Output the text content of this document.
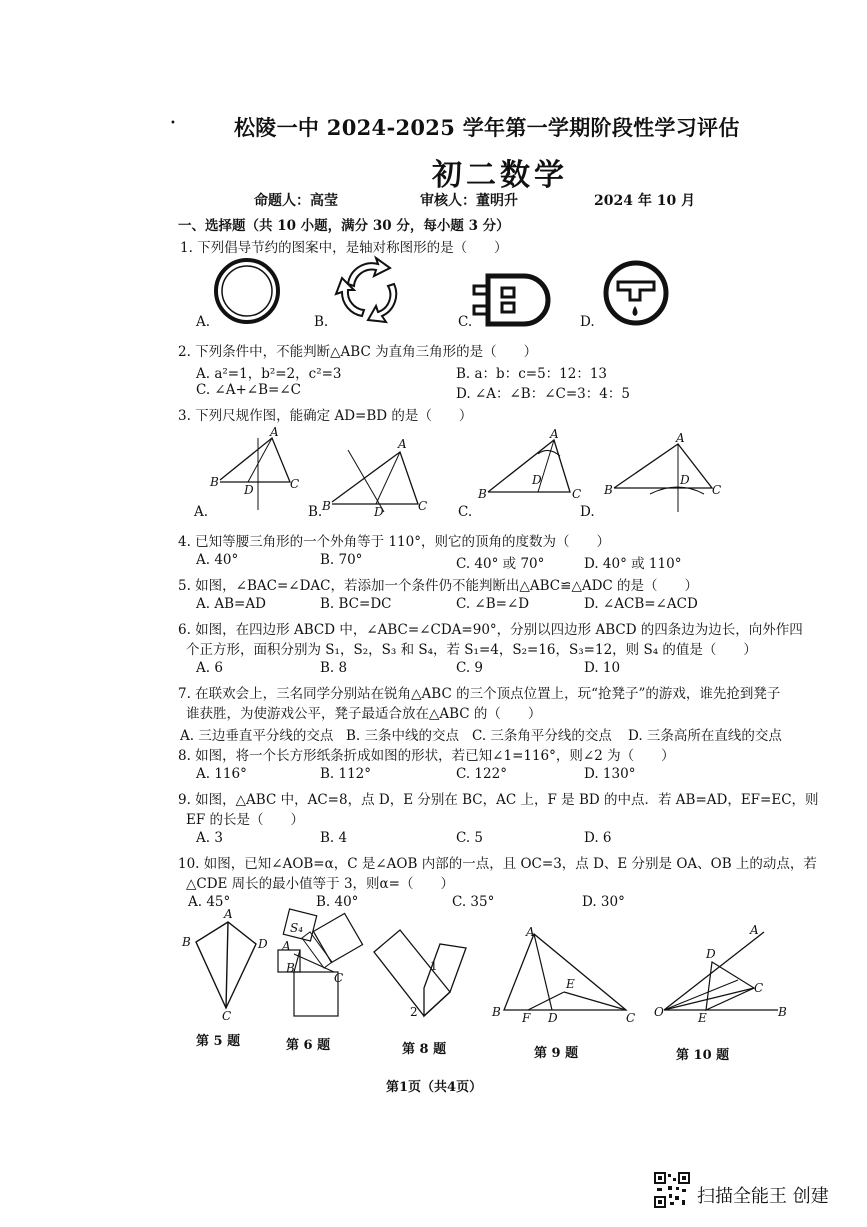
•	松陵一中 2024-2025 学年第一学期阶段性学习评估
初二数学
命题人：高莹	审核人：董明升	2024 年 10 月
一、选择题（共 10 小题，满分 30 分，每小题 3 分）
1. 下列倡导节约的图案中，是轴对称图形的是（　　）
A.	B.	C.	D.
2. 下列条件中，不能判断△ABC 为直角三角形的是（　　）
A. a²=1，b²=2，c²=3	B. a：b：c=5：12：13
C. ∠A+∠B=∠C	D. ∠A：∠B：∠C=3：4：5
3. 下列尺规作图，能确定 AD=BD 的是（　　）
A
B
D	C
A
B	D	C
A
B
D
C
A
B
D
C
A.	B.	C.	D.
4. 已知等腰三角形的一个外角等于 110°，则它的顶角的度数为（　　）
A. 40°	B. 70°	C. 40° 或 70°	D. 40° 或 110°
5. 如图，∠BAC=∠DAC，若添加一个条件仍不能判断出△ABC≌△ADC 的是（　　）
A. AB=AD	B. BC=DC	C. ∠B=∠D	D. ∠ACB=∠ACD
6. 如图，在四边形 ABCD 中，∠ABC=∠CDA=90°，分别以四边形 ABCD 的四条边为边长，向外作四
个正方形，面积分别为 S₁，S₂，S₃ 和 S₄，若 S₁=4，S₂=16，S₃=12，则 S₄ 的值是（　　）
A. 6	B. 8	C. 9	D. 10
7. 在联欢会上，三名同学分别站在锐角△ABC 的三个顶点位置上，玩“抢凳子”的游戏，谁先抢到凳子
谁获胜，为使游戏公平，凳子最适合放在△ABC 的（　　）
A. 三边垂直平分线的交点 B. 三条中线的交点 C. 三条角平分线的交点 D. 三条高所在直线的交点
8. 如图，将一个长方形纸条折成如图的形状，若已知∠1=116°，则∠2 为（　　）
A. 116°	B. 112°	C. 122°	D. 130°
9. 如图，△ABC 中，AC=8，点 D，E 分别在 BC，AC 上，F 是 BD 的中点．若 AB=AD，EF=EC，则
EF 的长是（　　）
A. 3	B. 4	C. 5	D. 6
10. 如图，已知∠AOB=α，C 是∠AOB 内部的一点，且 OC=3，点 D、E 分别是 OA、OB 上的动点，若
△CDE 周长的最小值等于 3，则α=（　　）
A. 45°	B. 40°	C. 35°	D. 30°
A
B	D
C
S₄
A
B
C
1
2
A
B F D	C
E
A
D
C
O	E	B
第 5 题	第 6 题	第 8 题	第 9 题	第 10 题
第1页（共4页）
扫描全能王 创建
